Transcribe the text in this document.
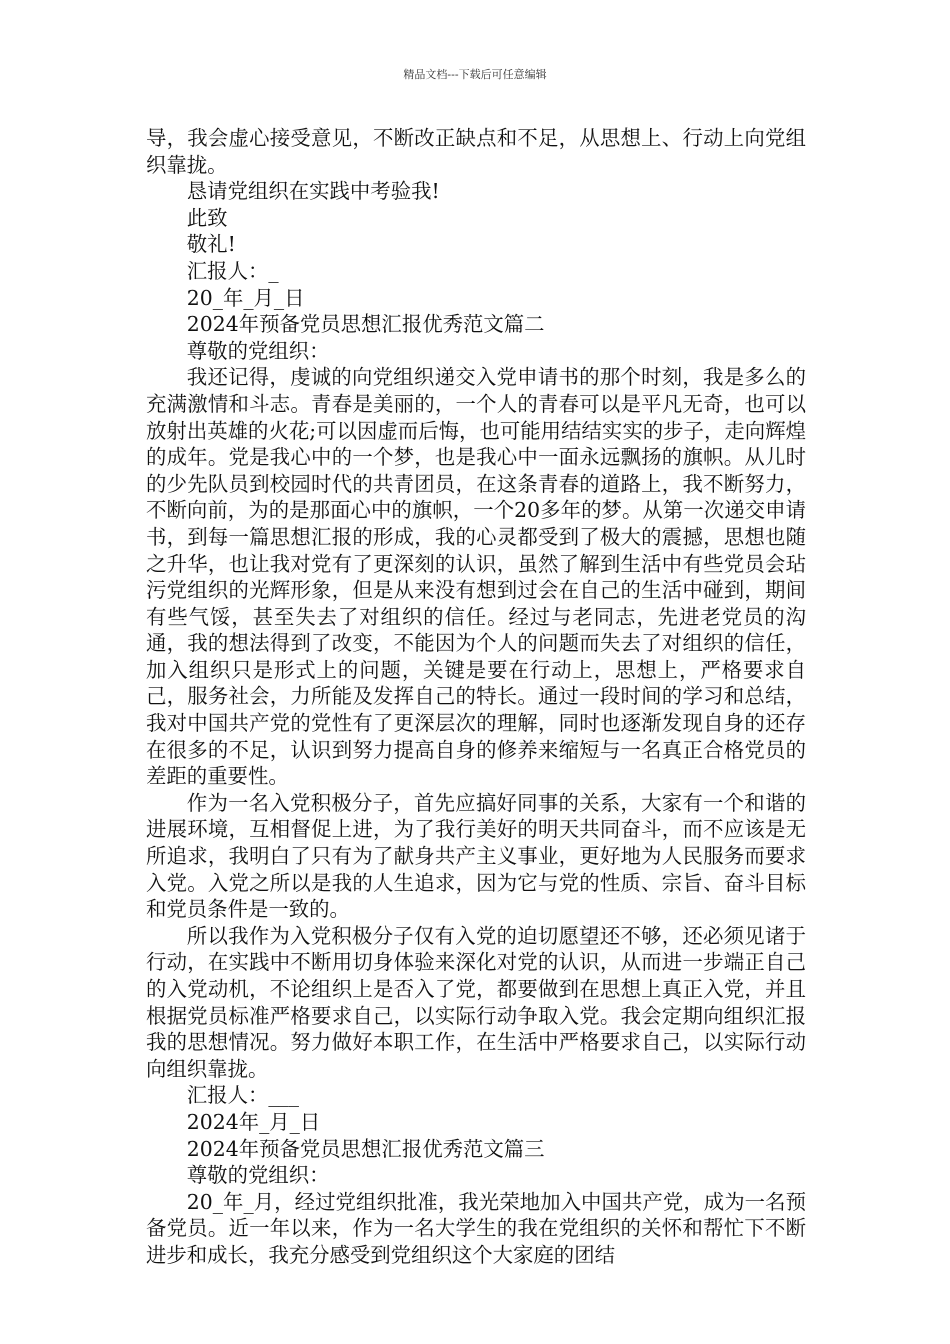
精品文档---下载后可任意编辑

导，我会虚心接受意见，不断改正缺点和不足，从思想上、行动上向党组织靠拢。

恳请党组织在实践中考验我!

此致

敬礼!

汇报人：_

20_年_月_日

2024年预备党员思想汇报优秀范文篇二

尊敬的党组织：

我还记得，虔诚的向党组织递交入党申请书的那个时刻，我是多么的充满激情和斗志。青春是美丽的，一个人的青春可以是平凡无奇，也可以放射出英雄的火花;可以因虚而后悔，也可能用结结实实的步子，走向辉煌的成年。党是我心中的一个梦，也是我心中一面永远飘扬的旗帜。从儿时的少先队员到校园时代的共青团员，在这条青春的道路上，我不断努力，不断向前，为的是那面心中的旗帜，一个20多年的梦。从第一次递交申请书，到每一篇思想汇报的形成，我的心灵都受到了极大的震撼，思想也随之升华，也让我对党有了更深刻的认识，虽然了解到生活中有些党员会玷污党组织的光辉形象，但是从来没有想到过会在自己的生活中碰到，期间有些气馁，甚至失去了对组织的信任。经过与老同志，先进老党员的沟通，我的想法得到了改变，不能因为个人的问题而失去了对组织的信任，加入组织只是形式上的问题，关键是要在行动上，思想上，严格要求自己，服务社会，力所能及发挥自己的特长。通过一段时间的学习和总结，我对中国共产党的党性有了更深层次的理解，同时也逐渐发现自身的还存在很多的不足，认识到努力提高自身的修养来缩短与一名真正合格党员的差距的重要性。

作为一名入党积极分子，首先应搞好同事的关系，大家有一个和谐的进展环境，互相督促上进，为了我行美好的明天共同奋斗，而不应该是无所追求，我明白了只有为了献身共产主义事业，更好地为人民服务而要求入党。入党之所以是我的人生追求，因为它与党的性质、宗旨、奋斗目标和党员条件是一致的。

所以我作为入党积极分子仅有入党的迫切愿望还不够，还必须见诸于行动，在实践中不断用切身体验来深化对党的认识，从而进一步端正自己的入党动机，不论组织上是否入了党，都要做到在思想上真正入党，并且根据党员标准严格要求自己，以实际行动争取入党。我会定期向组织汇报我的思想情况。努力做好本职工作，在生活中严格要求自己，以实际行动向组织靠拢。

汇报人：___

2024年_月_日

2024年预备党员思想汇报优秀范文篇三

尊敬的党组织：

20_年_月，经过党组织批准，我光荣地加入中国共产党，成为一名预备党员。近一年以来，作为一名大学生的我在党组织的关怀和帮忙下不断进步和成长，我充分感受到党组织这个大家庭的团结
